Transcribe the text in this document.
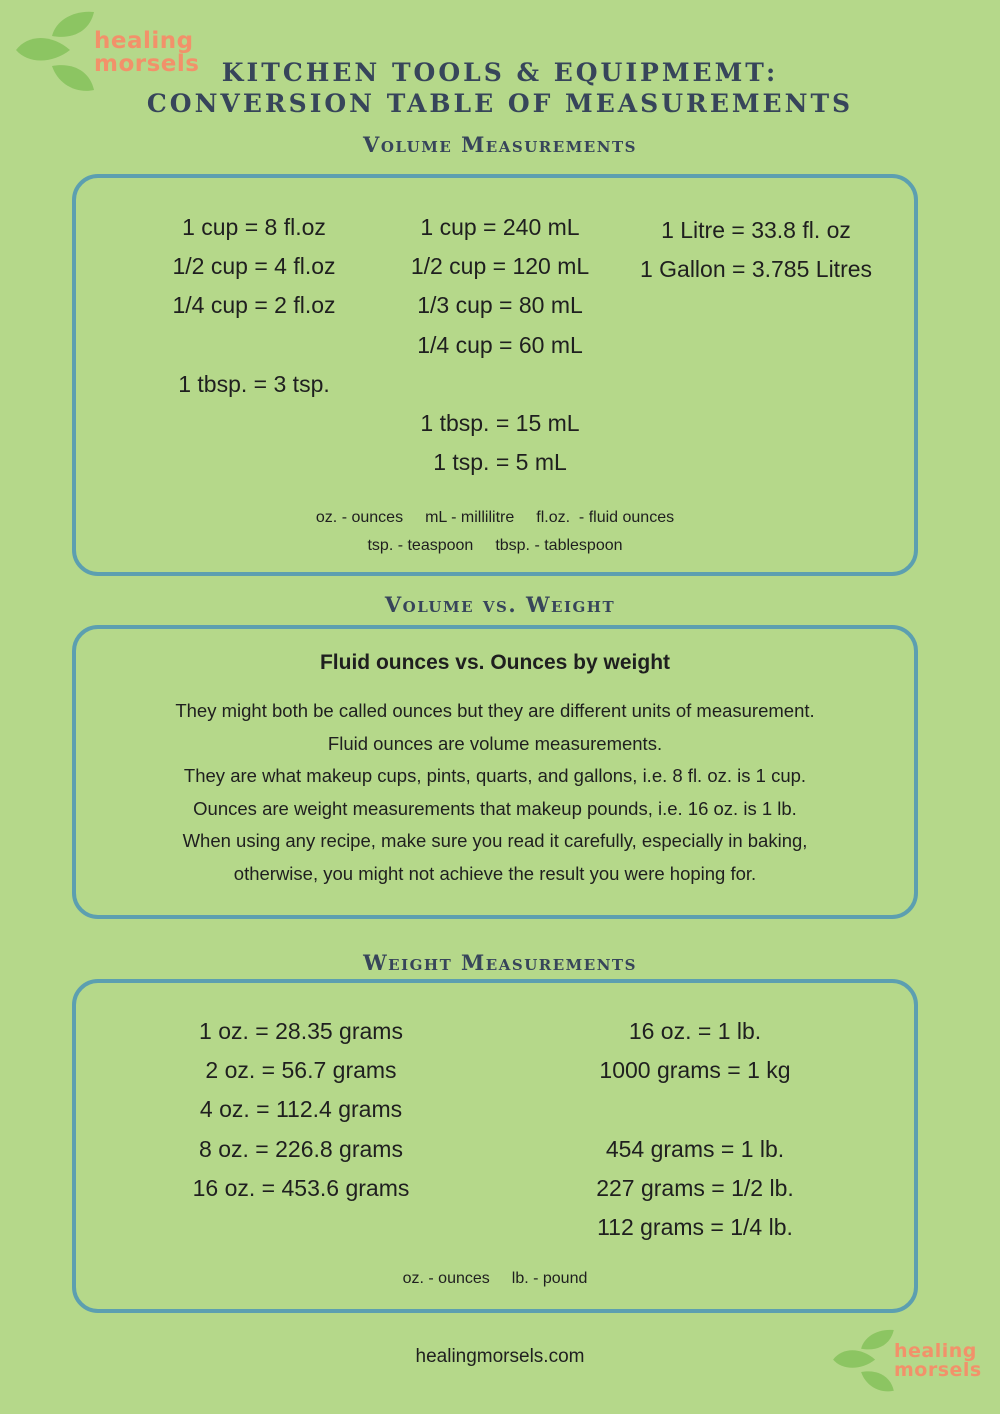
healing
morsels KITCHEN TOOLS & EQUIPMEMT:
CONVERSION TABLE OF MEASUREMENTS
Volume Measurements
1 cup = 8 fl.oz
1/2 cup = 4 fl.oz
1/4 cup = 2 fl.oz
1 tbsp. = 3 tsp.
1 cup = 240 mL
1/2 cup = 120 mL
1/3 cup = 80 mL
1/4 cup = 60 mL
1 tbsp. = 15 mL
1 tsp. = 5 mL
1 Litre = 33.8 fl. oz
1 Gallon = 3.785 Litres
oz. - ounces mL - millilitre fl.oz.  - fluid ounces
tsp. - teaspoon tbsp. - tablespoon
Volume vs. Weight
Fluid ounces vs. Ounces by weight
They might both be called ounces but they are different units of measurement.
Fluid ounces are volume measurements.
They are what makeup cups, pints, quarts, and gallons, i.e. 8 fl. oz. is 1 cup.
Ounces are weight measurements that makeup pounds, i.e. 16 oz. is 1 lb.
When using any recipe, make sure you read it carefully, especially in baking,
otherwise, you might not achieve the result you were hoping for.
Weight Measurements
1 oz. = 28.35 grams
2 oz. = 56.7 grams
4 oz. = 112.4 grams
8 oz. = 226.8 grams
16 oz. = 453.6 grams
16 oz. = 1 lb.
1000 grams = 1 kg
454 grams = 1 lb.
227 grams = 1/2 lb.
112 grams = 1/4 lb.
oz. - ounces lb. - pound
healingmorsels.com	healing
morsels
